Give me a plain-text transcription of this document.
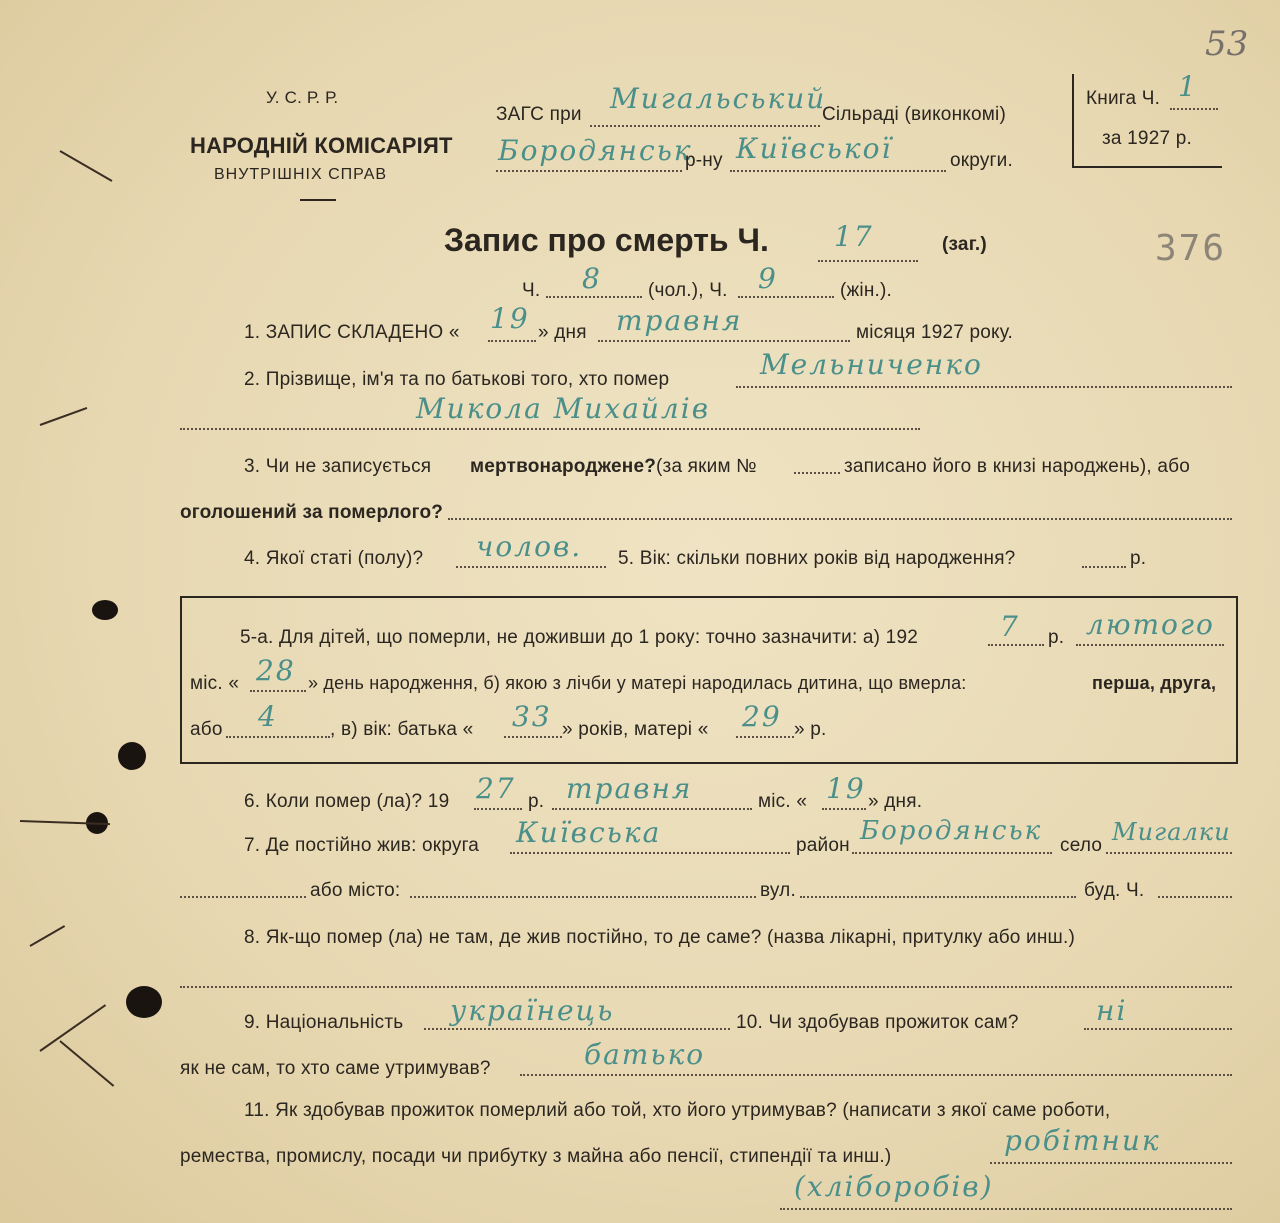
У. С. Р. Р.
НАРОДНІЙ КОМІСАРІЯТ
ВНУТРІШНІХ СПРАВ
ЗАГС при Мигальський
Сільраді (виконкомі)
Бородянськ
р-ну Київської	округи.
Книга Ч. 1
за 1927 р.
53
376
Запис про смерть Ч. 17	(заг.)
Ч. 8 (чол.), Ч. 9	(жін.).
1. ЗАПИС СКЛАДЕНО « 19 » дня травня	місяця 1927 року.
2. Прізвище, ім'я та по батькові того, хто помер	Мельниченко
Микола Михайлів
3. Чи не записується мертвонароджене? (за яким №	записано його в книзі народжень), або
оголошений за померлого?
4. Якої статі (полу)? чолов. 5. Вік: скільки повних років від народження?	р.
5-а. Для дітей, що померли, не доживши до 1 року: точно зазначити: а) 192	7 р. лютого
міс. « 28 » день народження, б) якою з лічби у матері народилась дитина, що вмерла:	перша, друга,
або 4	, в) вік: батька « 33 » років, матері « 29 » р.
6. Коли помер (ла)? 19 27 р. травня	міс. « 19 » дня.
7. Де постійно жив: округа Київська	район Бородянськ село Мигалки
або місто:	вул.	буд. Ч.
8. Як-що помер (ла) не там, де жив постійно, то де саме? (назва лікарні, притулку або инш.)
9. Національність українець	10. Чи здобував прожиток сам?	ні
як не сам, то хто саме утримував?	батько
11. Як здобував прожиток померлий або той, хто його утримував? (написати з якої саме роботи,
ремества, промислу, посади чи прибутку з майна або пенсії, стипендії та инш.)	робітник
(хліборобів)
